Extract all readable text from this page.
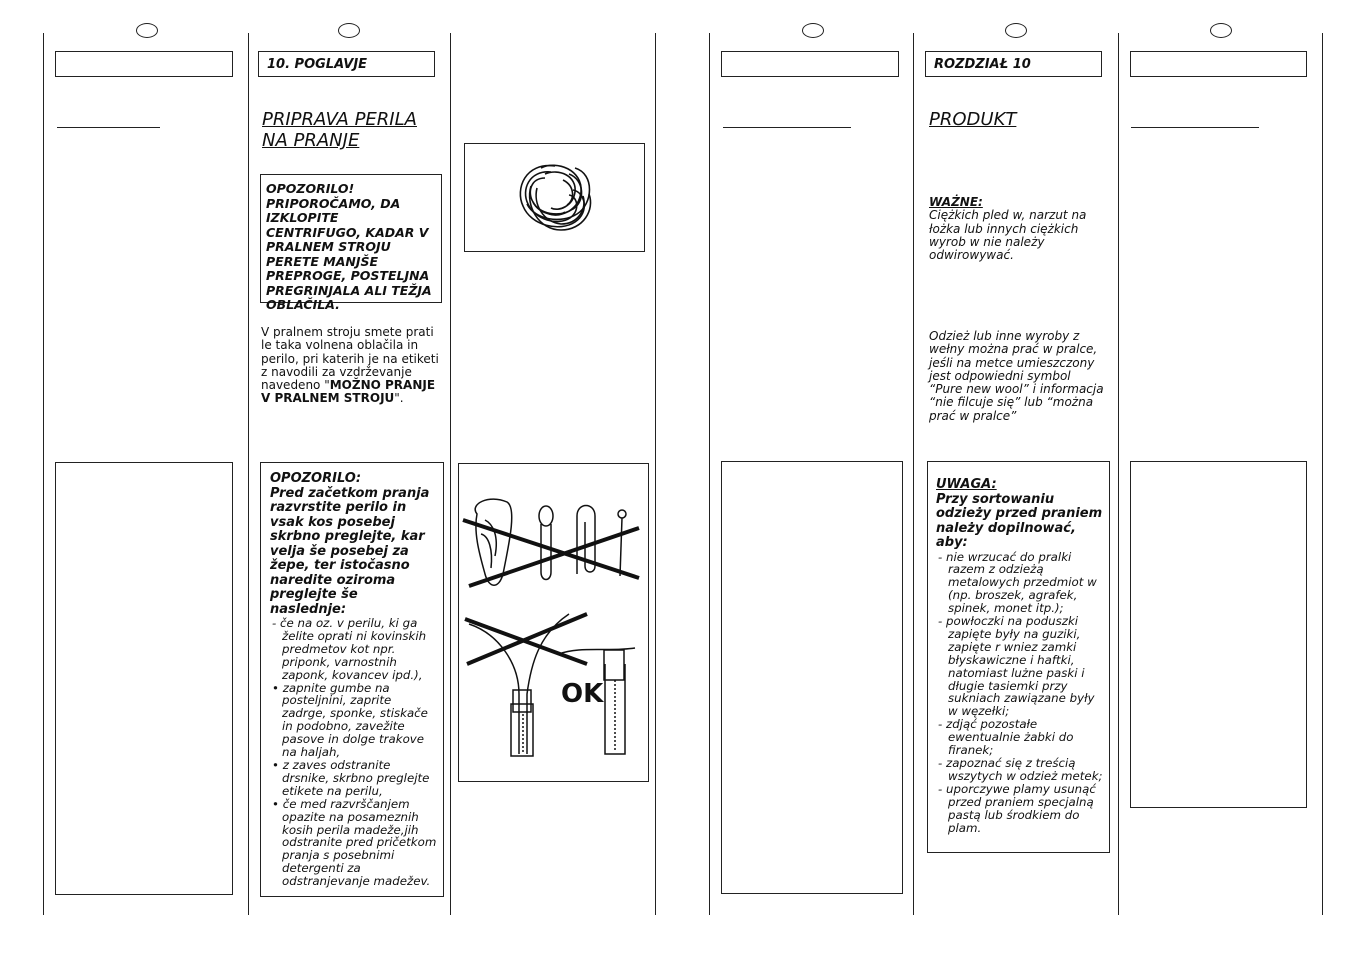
10. POGLAVJE
PRIPRAVA PERILA NA PRANJE
OPOZORILO! PRIPOROČAMO, DA IZKLOPITE CENTRIFUGO, KADAR V PRALNEM STROJU PERETE MANJŠE PREPROGE, POSTELJNA PREGRINJALA ALI TEŽJA OBLAČILA.
V pralnem stroju smete prati le taka volnena oblačila in perilo, pri katerih je na etiketi z navodili za vzdrževanje navedeno "MOŽNO PRANJE V PRALNEM STROJU".
OPOZORILO:
Pred začetkom pranja razvrstite perilo in vsak kos posebej skrbno preglejte, kar velja še posebej za žepe, ter istočasno naredite oziroma preglejte še naslednje:
- če na oz. v perilu, ki ga želite oprati ni kovinskih predmetov kot npr. priponk, varnostnih zaponk, kovancev ipd.),
• zapnite gumbe na posteljnini, zaprite zadrge, sponke, stiskače in podobno, zavežite pasove in dolge trakove na haljah,
• z zaves odstranite drsnike, skrbno preglejte etikete na perilu,
• če med razvrščanjem opazite na posameznih kosih perila madeže,jih odstranite pred pričetkom pranja s posebnimi detergenti za odstranjevanje madežev.
OK
ROZDZIAŁ 10
PRODUKT
WAŻNE:
Ciężkich pled w, narzut na łożka lub innych ciężkich wyrob w nie należy odwirowywać.
Odzież lub inne wyroby z wełny można prać w pralce, jeśli na metce umieszczony jest odpowiedni symbol “Pure new wool” i informacja “nie filcuje się” lub “można prać w pralce”
UWAGA:
Przy sortowaniu odzieży przed praniem należy dopilnować, aby:
- nie wrzucać do pralki razem z odzieżą metalowych przedmiot w (np. broszek, agrafek, spinek, monet itp.);
- powłoczki na poduszki zapięte były na guziki, zapięte r wniez zamki błyskawiczne i haftki, natomiast lużne paski i długie tasiemki przy sukniach zawiązane były w węzełki;
- zdjąć pozostałe ewentualnie żabki do firanek;
- zapoznać się z treścią wszytych w odzież metek;
- uporczywe plamy usunąć przed praniem specjalną pastą lub środkiem do plam.
